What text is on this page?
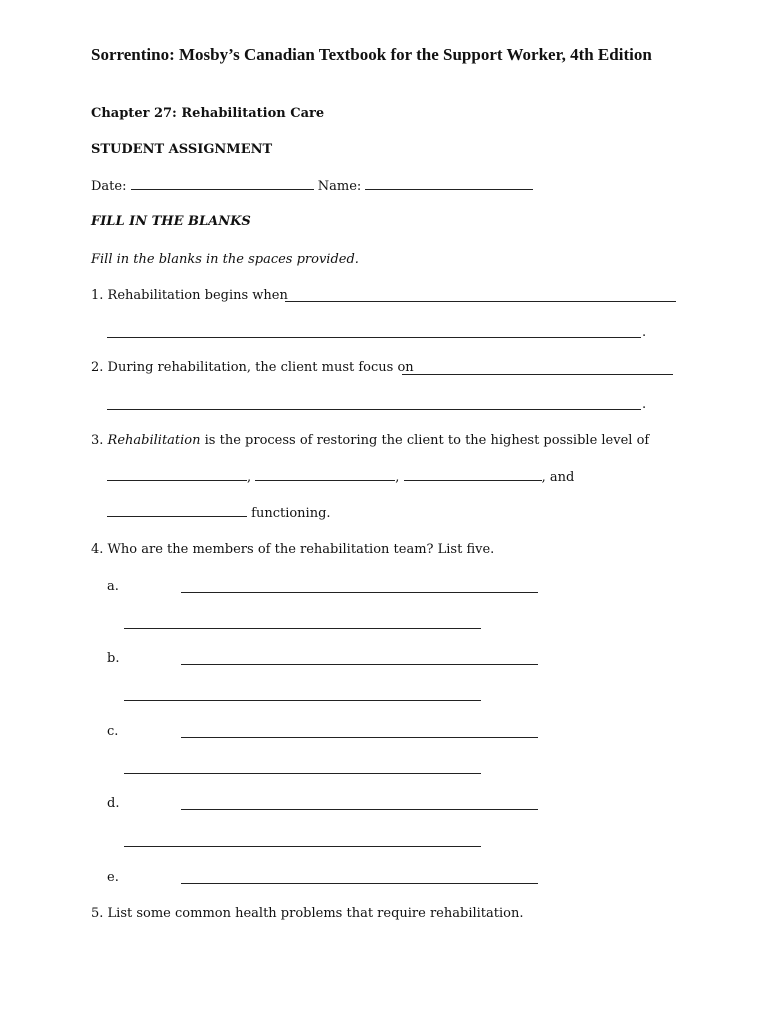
Sorrentino: Mosby’s Canadian Textbook for the Support Worker, 4th Edition
Chapter 27: Rehabilitation Care
STUDENT ASSIGNMENT
Date:	Name:
FILL IN THE BLANKS
Fill in the blanks in the spaces provided.
1. Rehabilitation begins when
.
2. During rehabilitation, the client must focus on
.
3. Rehabilitation is the process of restoring the client to the highest possible level of
,	,	, and
functioning.
4. Who are the members of the rehabilitation team? List five.
a.
b.
c.
d.
e.
5. List some common health problems that require rehabilitation.
